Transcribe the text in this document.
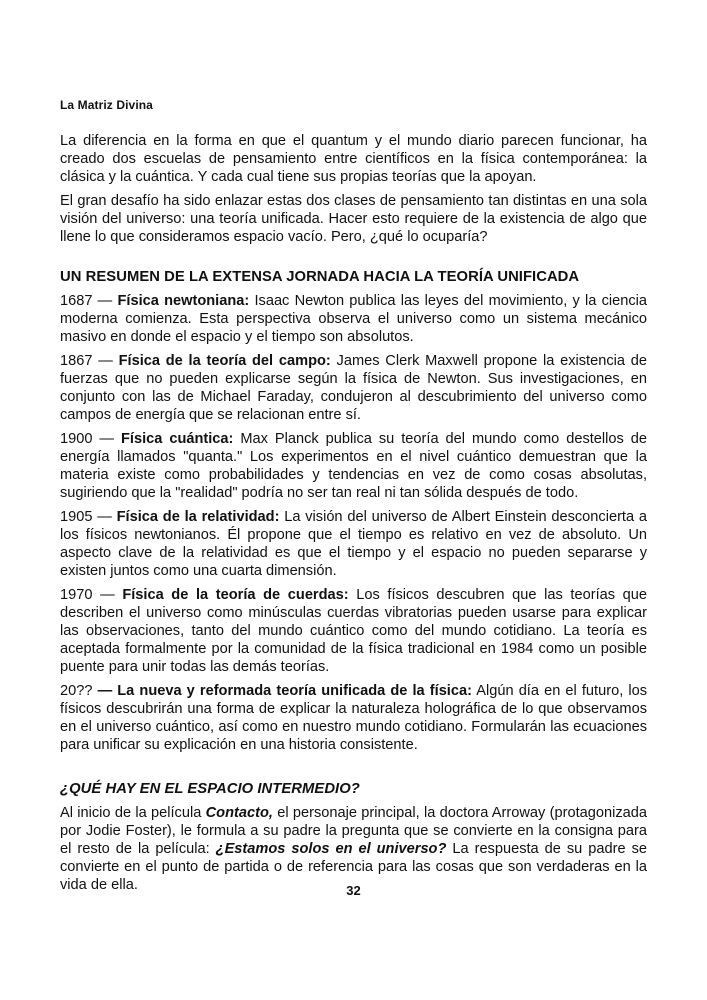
La Matriz Divina

La diferencia en la forma en que el quantum y el mundo diario parecen funcionar, ha creado dos escuelas de pensamiento entre científicos en la física contemporánea: la clásica y la cuántica. Y cada cual tiene sus propias teorías que la apoyan.

El gran desafío ha sido enlazar estas dos clases de pensamiento tan distintas en una sola visión del universo: una teoría unificada. Hacer esto requiere de la existencia de algo que llene lo que consideramos espacio vacío. Pero, ¿qué lo ocuparía?

UN RESUMEN DE LA EXTENSA JORNADA HACIA LA TEORÍA UNIFICADA

1687 — Física newtoniana: Isaac Newton publica las leyes del movimiento, y la ciencia moderna comienza. Esta perspectiva observa el universo como un sistema mecánico masivo en donde el espacio y el tiempo son absolutos.

1867 — Física de la teoría del campo: James Clerk Maxwell propone la existencia de fuerzas que no pueden explicarse según la física de Newton. Sus investigaciones, en conjunto con las de Michael Faraday, condujeron al descubrimiento del universo como campos de energía que se relacionan entre sí.

1900 — Física cuántica: Max Planck publica su teoría del mundo como destellos de energía llamados "quanta." Los experimentos en el nivel cuántico demuestran que la materia existe como probabilidades y tendencias en vez de como cosas absolutas, sugiriendo que la "realidad" podría no ser tan real ni tan sólida después de todo.

1905 — Física de la relatividad: La visión del universo de Albert Einstein desconcierta a los físicos newtonianos. Él propone que el tiempo es relativo en vez de absoluto. Un aspecto clave de la relatividad es que el tiempo y el espacio no pueden separarse y existen juntos como una cuarta dimensión.

1970 — Física de la teoría de cuerdas: Los físicos descubren que las teorías que describen el universo como minúsculas cuerdas vibratorias pueden usarse para explicar las observaciones, tanto del mundo cuántico como del mundo cotidiano. La teoría es aceptada formalmente por la comunidad de la física tradicional en 1984 como un posible puente para unir todas las demás teorías.

20?? — La nueva y reformada teoría unificada de la física: Algún día en el futuro, los físicos descubrirán una forma de explicar la naturaleza holográfica de lo que observamos en el universo cuántico, así como en nuestro mundo cotidiano. Formularán las ecuaciones para unificar su explicación en una historia consistente.

¿QUÉ HAY EN EL ESPACIO INTERMEDIO?

Al inicio de la película Contacto, el personaje principal, la doctora Arroway (protagonizada por Jodie Foster), le formula a su padre la pregunta que se convierte en la consigna para el resto de la película: ¿Estamos solos en el universo? La respuesta de su padre se convierte en el punto de partida o de referencia para las cosas que son verdaderas en la vida de ella.	32
